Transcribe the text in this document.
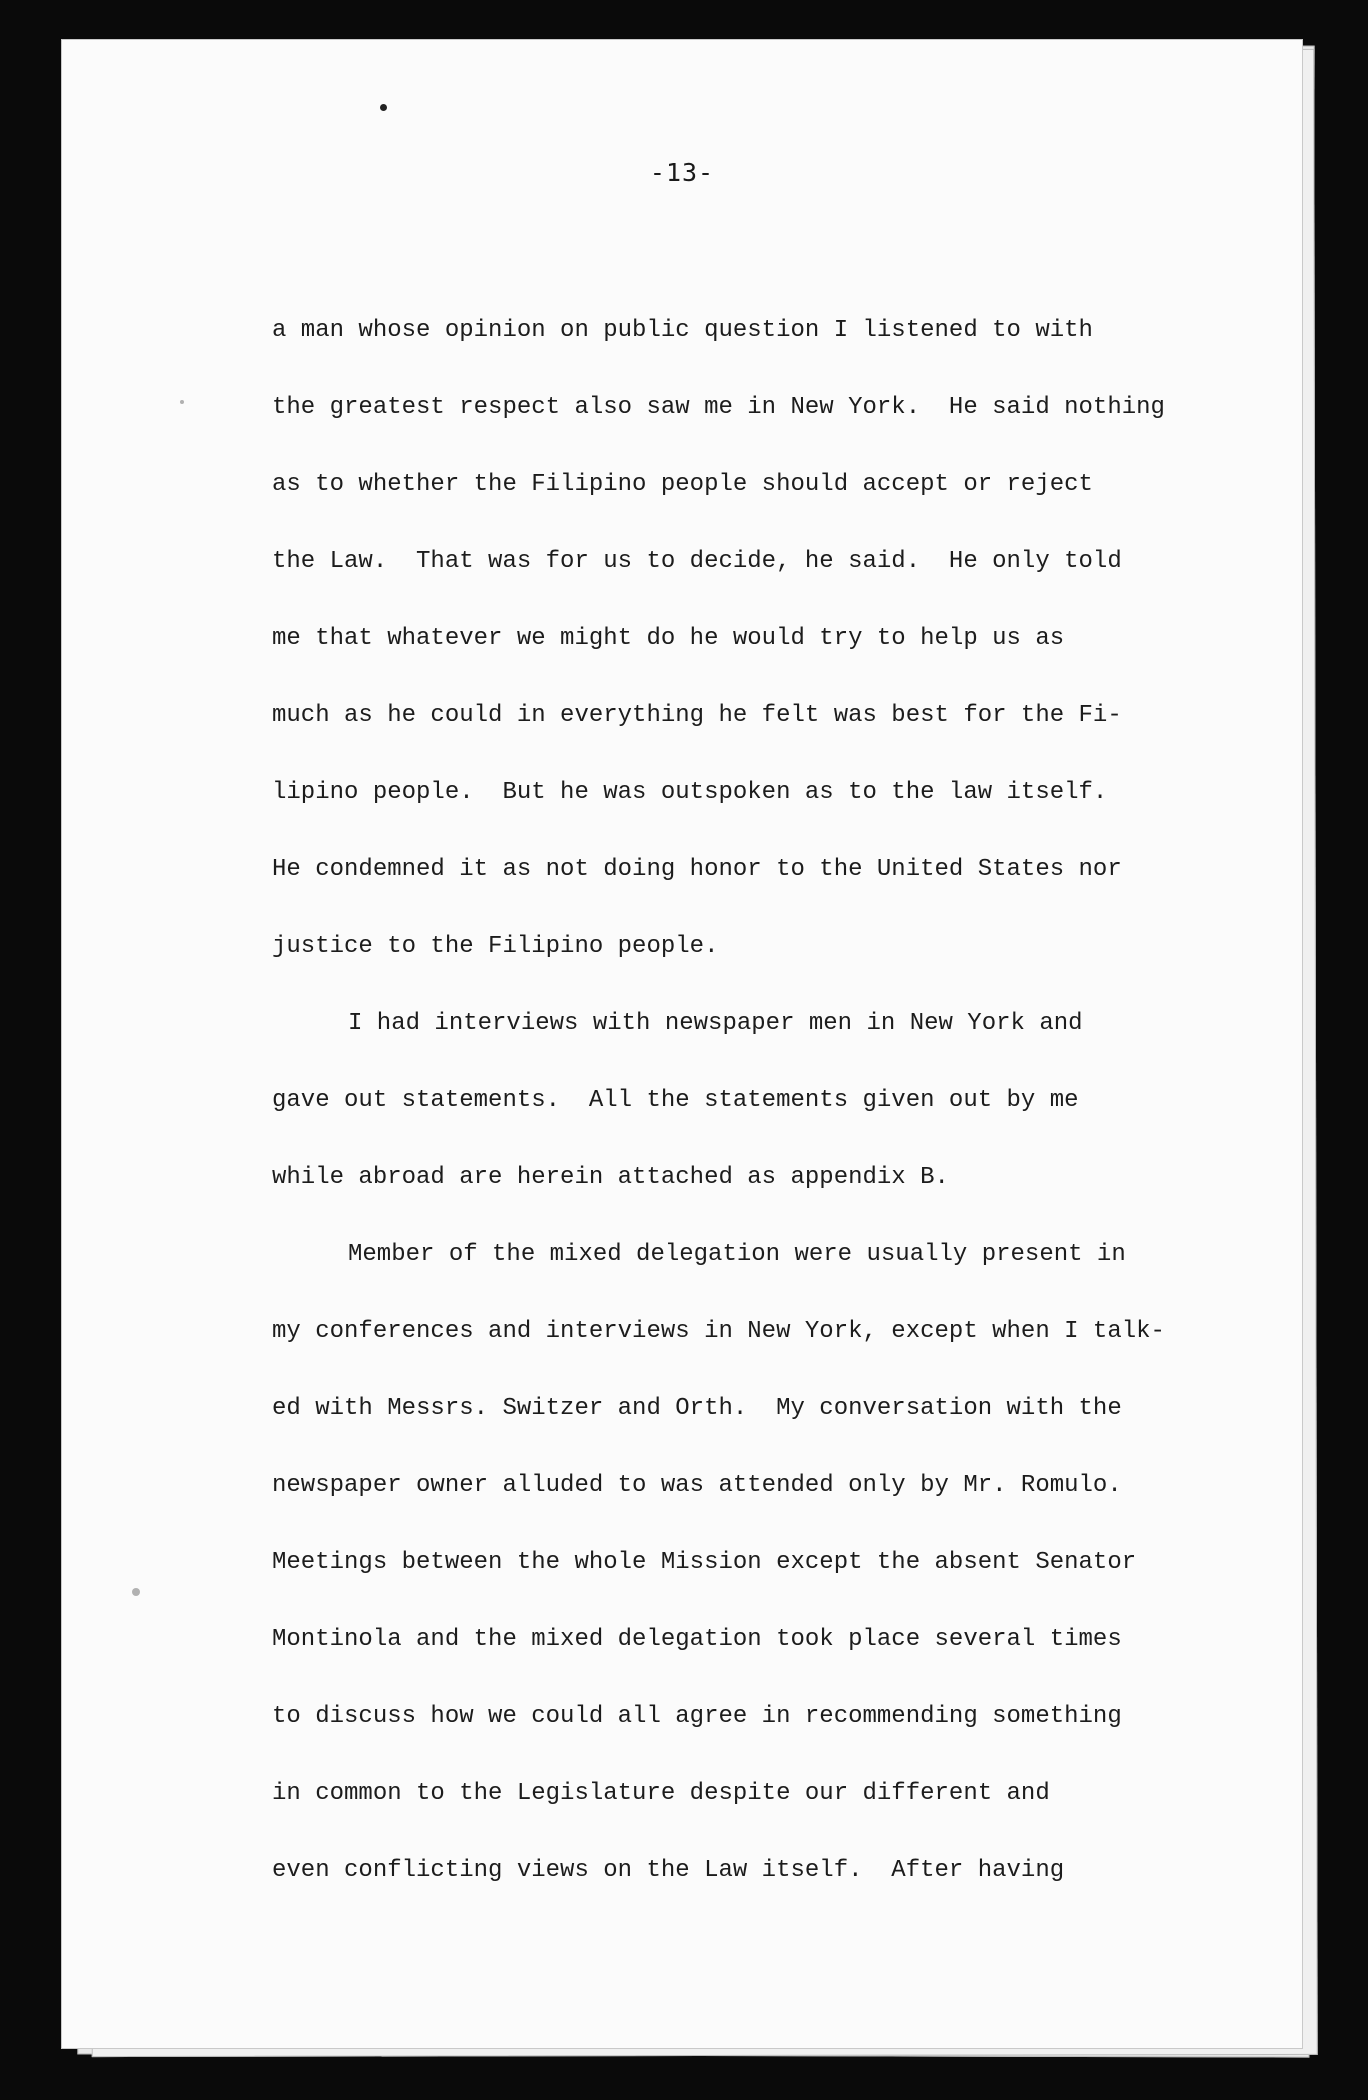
-13-
a man whose opinion on public question I listened to with
the greatest respect also saw me in New York.  He said nothing
as to whether the Filipino people should accept or reject
the Law.  That was for us to decide, he said.  He only told
me that whatever we might do he would try to help us as
much as he could in everything he felt was best for the Fi-
lipino people.  But he was outspoken as to the law itself.
He condemned it as not doing honor to the United States nor
justice to the Filipino people.
I had interviews with newspaper men in New York and
gave out statements.  All the statements given out by me
while abroad are herein attached as appendix B.
Member of the mixed delegation were usually present in
my conferences and interviews in New York, except when I talk-
ed with Messrs. Switzer and Orth.  My conversation with the
newspaper owner alluded to was attended only by Mr. Romulo.
Meetings between the whole Mission except the absent Senator
Montinola and the mixed delegation took place several times
to discuss how we could all agree in recommending something
in common to the Legislature despite our different and
even conflicting views on the Law itself.  After having
